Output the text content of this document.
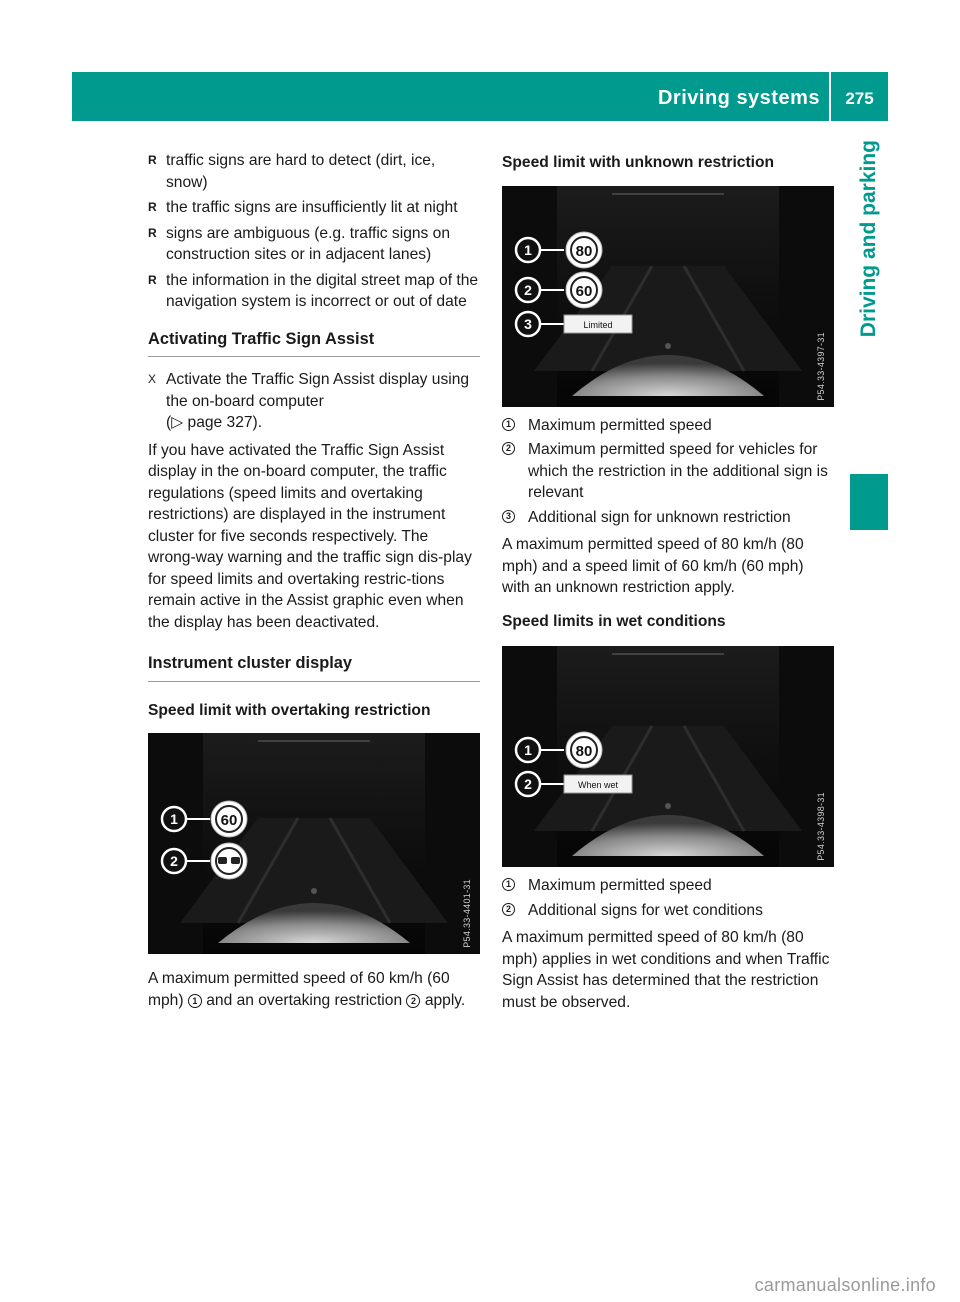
Driving systems	275
Driving and parking
R traffic signs are hard to detect (dirt, ice, snow)
R the traffic signs are insufficiently lit at night
R signs are ambiguous (e.g. traffic signs on construction sites or in adjacent lanes)
R the information in the digital street map of the navigation system is incorrect or out of date
Activating Traffic Sign Assist
X Activate the Traffic Sign Assist display using the on-board computer
(▷ page 327).
If you have activated the Traffic Sign Assist display in the on-board computer, the traffic regulations (speed limits and overtaking restrictions) are displayed in the instrument cluster for five seconds respectively. The wrong-way warning and the traffic sign dis-play for speed limits and overtaking restric-tions remain active in the Assist graphic even when the display has been deactivated.
Instrument cluster display
Speed limit with overtaking restriction
1	60
2
P54.33-4401-31
A maximum permitted speed of 60 km/h (60 mph) 1 and an overtaking restriction 2 apply.
Speed limit with unknown restriction
1	80
2	60
3	Limited
P54.33-4397-31
1 Maximum permitted speed
2 Maximum permitted speed for vehicles for which the restriction in the additional sign is relevant
3 Additional sign for unknown restriction
A maximum permitted speed of 80 km/h (80 mph) and a speed limit of 60 km/h (60 mph) with an unknown restriction apply.
Speed limits in wet conditions
1	80
2	When wet
P54.33-4398-31
1 Maximum permitted speed
2 Additional signs for wet conditions
A maximum permitted speed of 80 km/h (80 mph) applies in wet conditions and when Traffic Sign Assist has determined that the restriction must be observed.
carmanualsonline.info
